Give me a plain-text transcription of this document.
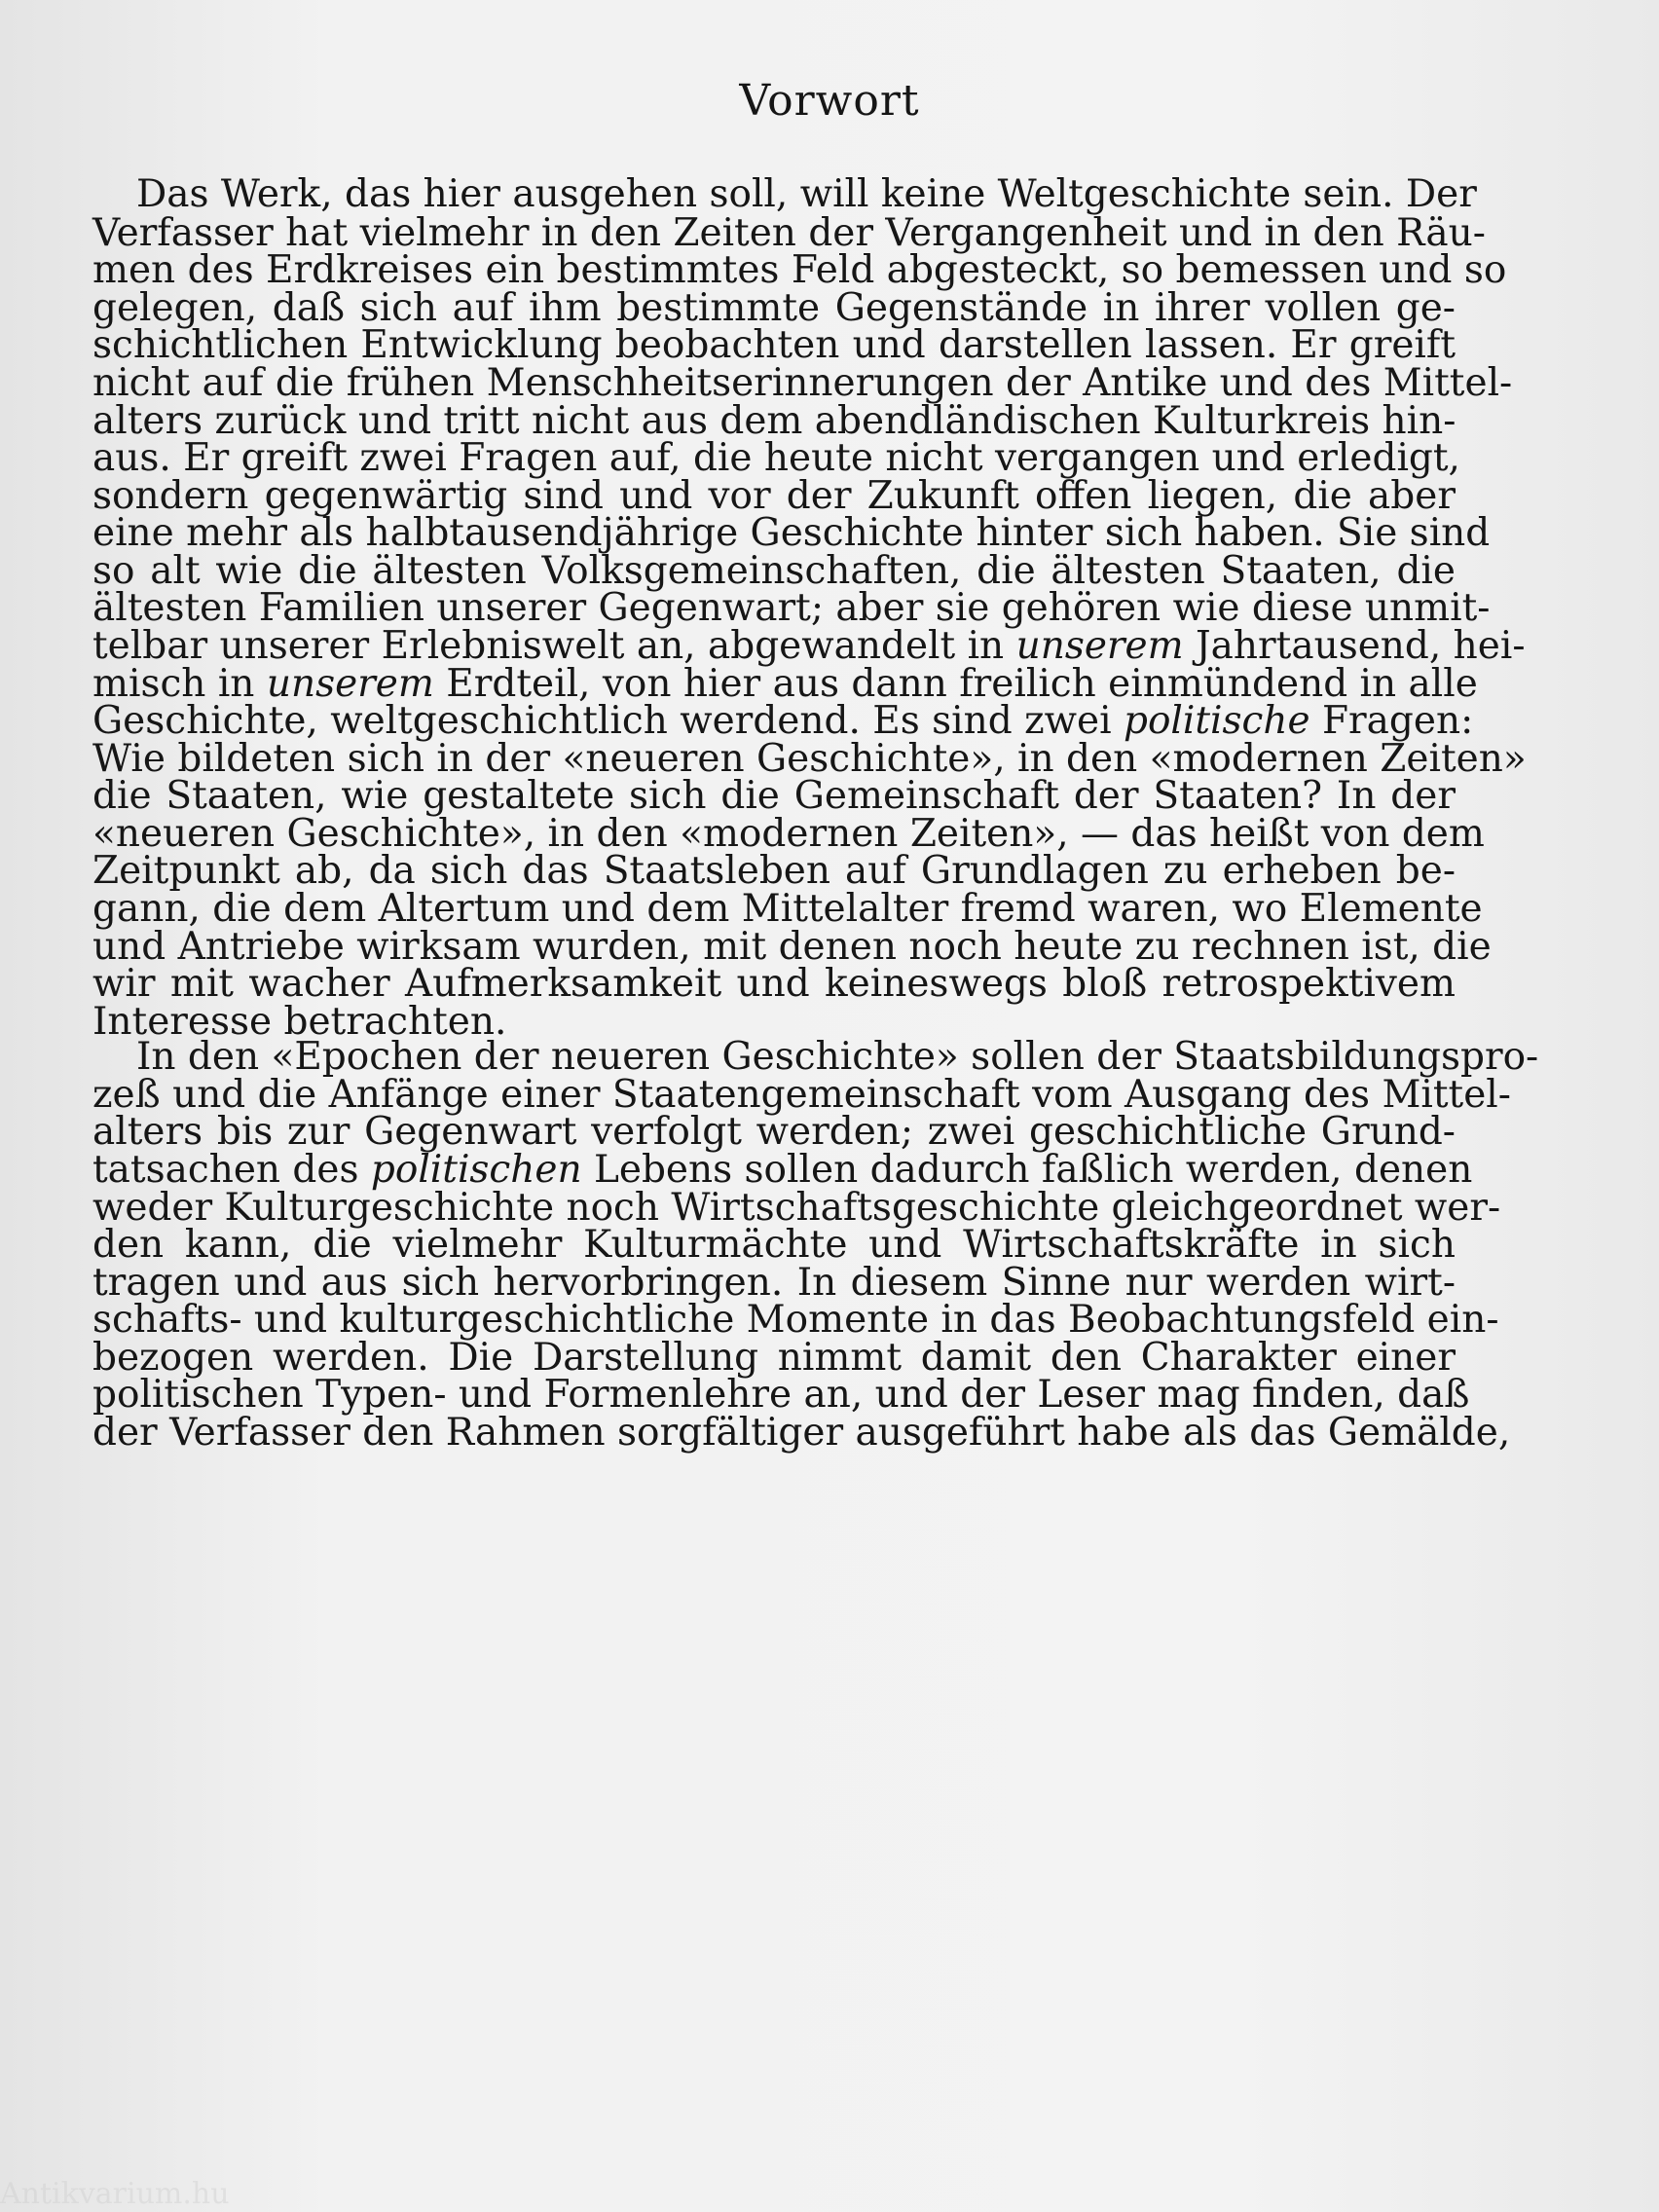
Vorwort
Das Werk, das hier ausgehen soll, will keine Weltgeschichte sein. Der
Verfasser hat vielmehr in den Zeiten der Vergangenheit und in den Räu-
men des Erdkreises ein bestimmtes Feld abgesteckt, so bemessen und so
gelegen, daß sich auf ihm bestimmte Gegenstände in ihrer vollen ge-
schichtlichen Entwicklung beobachten und darstellen lassen. Er greift
nicht auf die frühen Menschheitserinnerungen der Antike und des Mittel-
alters zurück und tritt nicht aus dem abendländischen Kulturkreis hin-
aus. Er greift zwei Fragen auf, die heute nicht vergangen und erledigt,
sondern gegenwärtig sind und vor der Zukunft offen liegen, die aber
eine mehr als halbtausendjährige Geschichte hinter sich haben. Sie sind
so alt wie die ältesten Volksgemeinschaften, die ältesten Staaten, die
ältesten Familien unserer Gegenwart; aber sie gehören wie diese unmit-
telbar unserer Erlebniswelt an, abgewandelt in unserem Jahrtausend, hei-
misch in unserem Erdteil, von hier aus dann freilich einmündend in alle
Geschichte, weltgeschichtlich werdend. Es sind zwei politische Fragen:
Wie bildeten sich in der «neueren Geschichte», in den «modernen Zeiten»
die Staaten, wie gestaltete sich die Gemeinschaft der Staaten? In der
«neueren Geschichte», in den «modernen Zeiten», — das heißt von dem
Zeitpunkt ab, da sich das Staatsleben auf Grundlagen zu erheben be-
gann, die dem Altertum und dem Mittelalter fremd waren, wo Elemente
und Antriebe wirksam wurden, mit denen noch heute zu rechnen ist, die
wir mit wacher Aufmerksamkeit und keineswegs bloß retrospektivem
Interesse betrachten.
In den «Epochen der neueren Geschichte» sollen der Staatsbildungspro-
zeß und die Anfänge einer Staatengemeinschaft vom Ausgang des Mittel-
alters bis zur Gegenwart verfolgt werden; zwei geschichtliche Grund-
tatsachen des politischen Lebens sollen dadurch faßlich werden, denen
weder Kulturgeschichte noch Wirtschaftsgeschichte gleichgeordnet wer-
den kann, die vielmehr Kulturmächte und Wirtschaftskräfte in sich
tragen und aus sich hervorbringen. In diesem Sinne nur werden wirt-
schafts- und kulturgeschichtliche Momente in das Beobachtungsfeld ein-
bezogen werden. Die Darstellung nimmt damit den Charakter einer
politischen Typen- und Formenlehre an, und der Leser mag finden, daß
der Verfasser den Rahmen sorgfältiger ausgeführt habe als das Gemälde,
Antikvarium.hu
